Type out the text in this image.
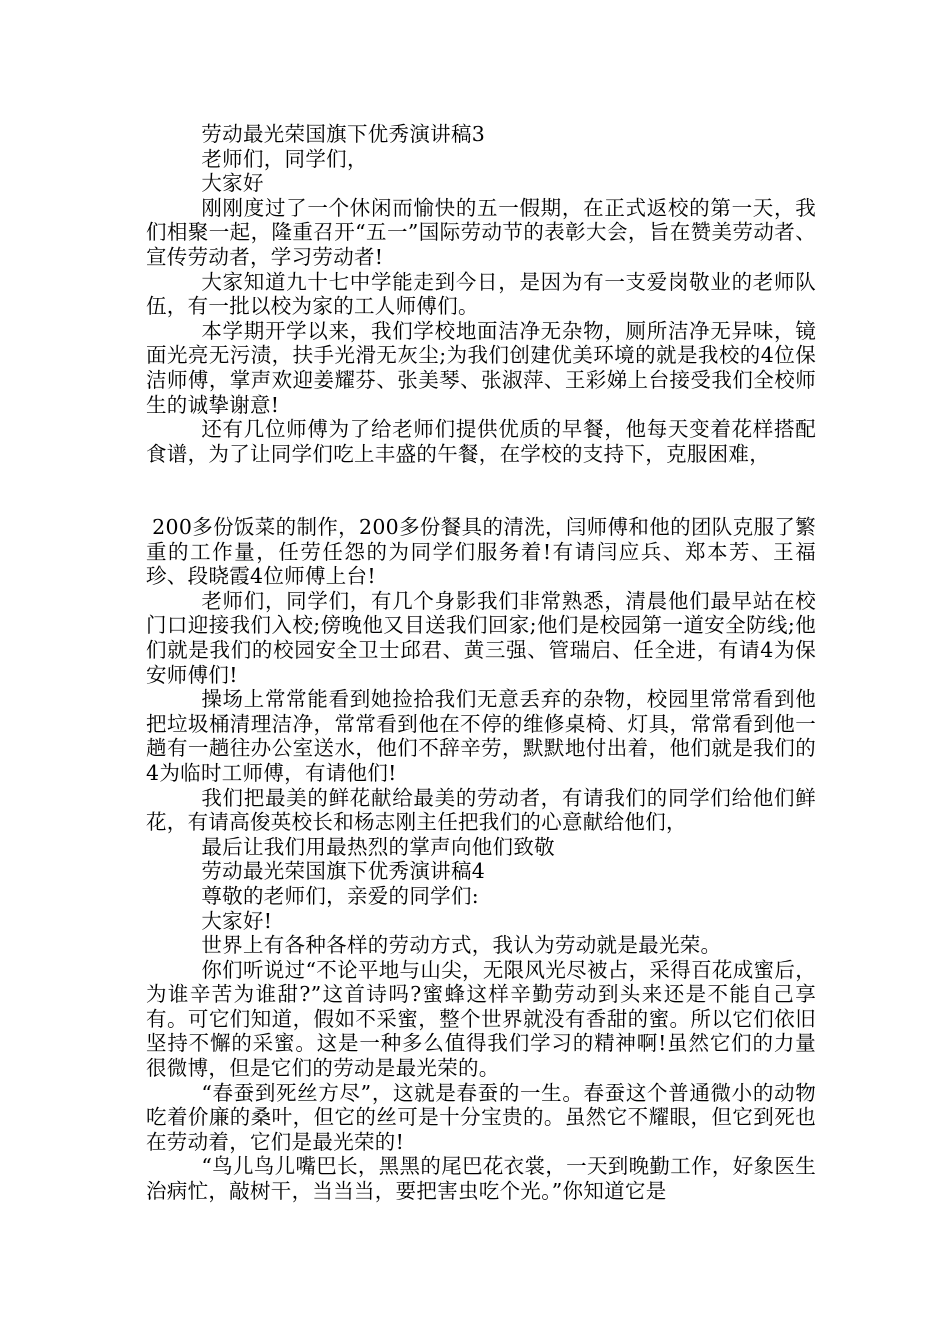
劳动最光荣国旗下优秀演讲稿3

老师们，同学们，

大家好

刚刚度过了一个休闲而愉快的五一假期，在正式返校的第一天，我们相聚一起，隆重召开“五一”国际劳动节的表彰大会，旨在赞美劳动者、宣传劳动者，学习劳动者!

大家知道九十七中学能走到今日，是因为有一支爱岗敬业的老师队伍，有一批以校为家的工人师傅们。

本学期开学以来，我们学校地面洁净无杂物，厕所洁净无异味，镜面光亮无污渍，扶手光滑无灰尘;为我们创建优美环境的就是我校的4位保洁师傅，掌声欢迎姜耀芬、张美琴、张淑萍、王彩娣上台接受我们全校师生的诚挚谢意!

还有几位师傅为了给老师们提供优质的早餐，他每天变着花样搭配食谱，为了让同学们吃上丰盛的午餐，在学校的支持下，克服困难，

200多份饭菜的制作，200多份餐具的清洗，闫师傅和他的团队克服了繁重的工作量，任劳任怨的为同学们服务着!有请闫应兵、郑本芳、王福珍、段晓霞4位师傅上台!

老师们，同学们，有几个身影我们非常熟悉，清晨他们最早站在校门口迎接我们入校;傍晚他又目送我们回家;他们是校园第一道安全防线;他们就是我们的校园安全卫士邱君、黄三强、管瑞启、任全进，有请4为保安师傅们!

操场上常常能看到她捡拾我们无意丢弃的杂物，校园里常常看到他把垃圾桶清理洁净，常常看到他在不停的维修桌椅、灯具，常常看到他一趟有一趟往办公室送水，他们不辞辛劳，默默地付出着，他们就是我们的4为临时工师傅，有请他们!

我们把最美的鲜花献给最美的劳动者，有请我们的同学们给他们鲜花，有请高俊英校长和杨志刚主任把我们的心意献给他们，

最后让我们用最热烈的掌声向他们致敬

劳动最光荣国旗下优秀演讲稿4

尊敬的老师们，亲爱的同学们:

大家好!

世界上有各种各样的劳动方式，我认为劳动就是最光荣。

你们听说过“不论平地与山尖，无限风光尽被占，采得百花成蜜后，为谁辛苦为谁甜?”这首诗吗?蜜蜂这样辛勤劳动到头来还是不能自己享有。可它们知道，假如不采蜜，整个世界就没有香甜的蜜。所以它们依旧坚持不懈的采蜜。这是一种多么值得我们学习的精神啊!虽然它们的力量很微博，但是它们的劳动是最光荣的。

“春蚕到死丝方尽”，这就是春蚕的一生。春蚕这个普通微小的动物吃着价廉的桑叶，但它的丝可是十分宝贵的。虽然它不耀眼，但它到死也在劳动着，它们是最光荣的!

“鸟儿鸟儿嘴巴长，黑黑的尾巴花衣裳，一天到晚勤工作，好象医生治病忙，敲树干，当当当，要把害虫吃个光。”你知道它是
